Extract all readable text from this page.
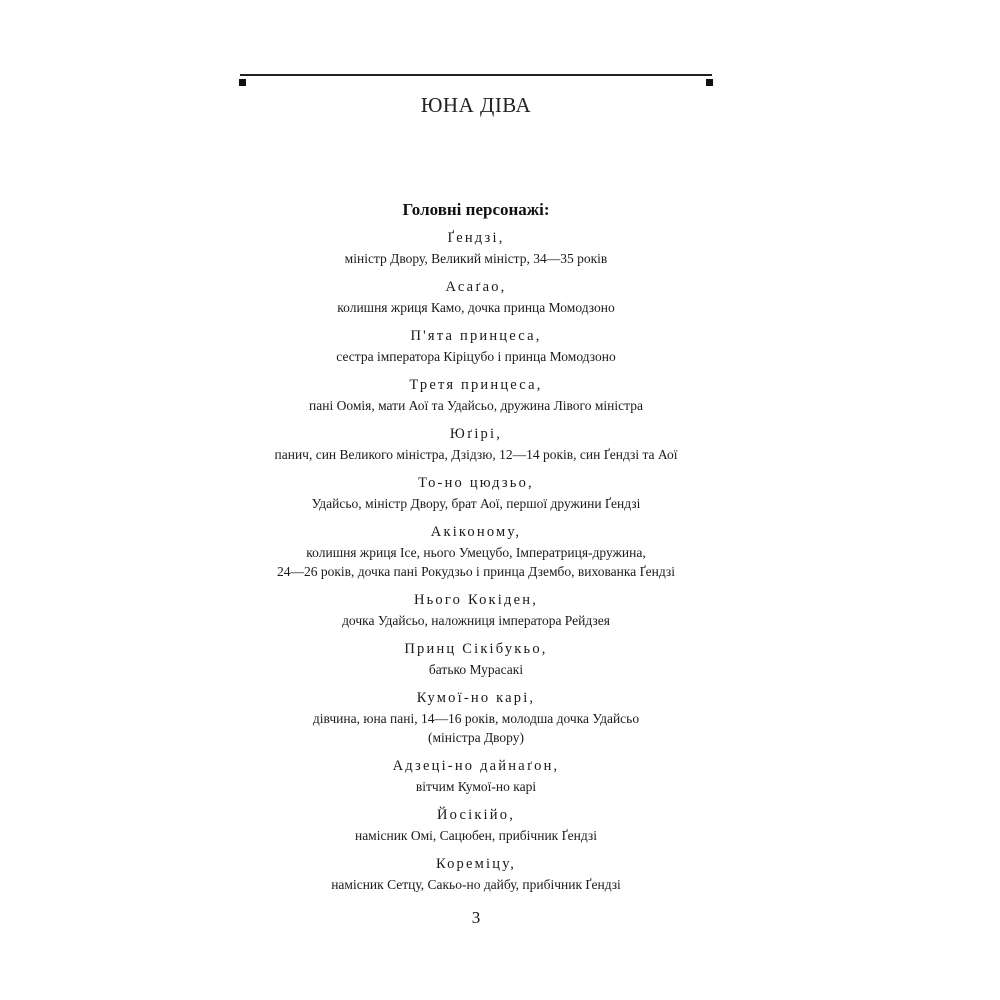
ЮНА ДІВА
Головні персонажі:
Ґендзі,
міністр Двору, Великий міністр, 34—35 років
Асаґао,
колишня жриця Камо, дочка принца Момодзоно
П'ята принцеса,
сестра імператора Кіріцубо і принца Момодзоно
Третя принцеса,
пані Оомія, мати Аої та Удайсьо, дружина Лівого міністра
Юґірі,
панич, син Великого міністра, Дзідзю, 12—14 років, син Ґендзі та Аої
То-но цюдзьо,
Удайсьо, міністр Двору, брат Аої, першої дружини Ґендзі
Акіконому,
колишня жриця Ісе, нього Умецубо, Імператриця-дружина,
24—26 років, дочка пані Рокудзьо і принца Дзембо, вихованка Ґендзі
Нього Кокіден,
дочка Удайсьо, наложниця імператора Рейдзея
Принц Сікібукьо,
батько Мурасакі
Кумої-но карі,
дівчина, юна пані, 14—16 років, молодша дочка Удайсьо
(міністра Двору)
Адзеці-но дайнаґон,
вітчим Кумої-но карі
Йосікійо,
намісник Омі, Сацюбен, прибічник Ґендзі
Кореміцу,
намісник Сетцу, Сакьо-но дайбу, прибічник Ґендзі
3
